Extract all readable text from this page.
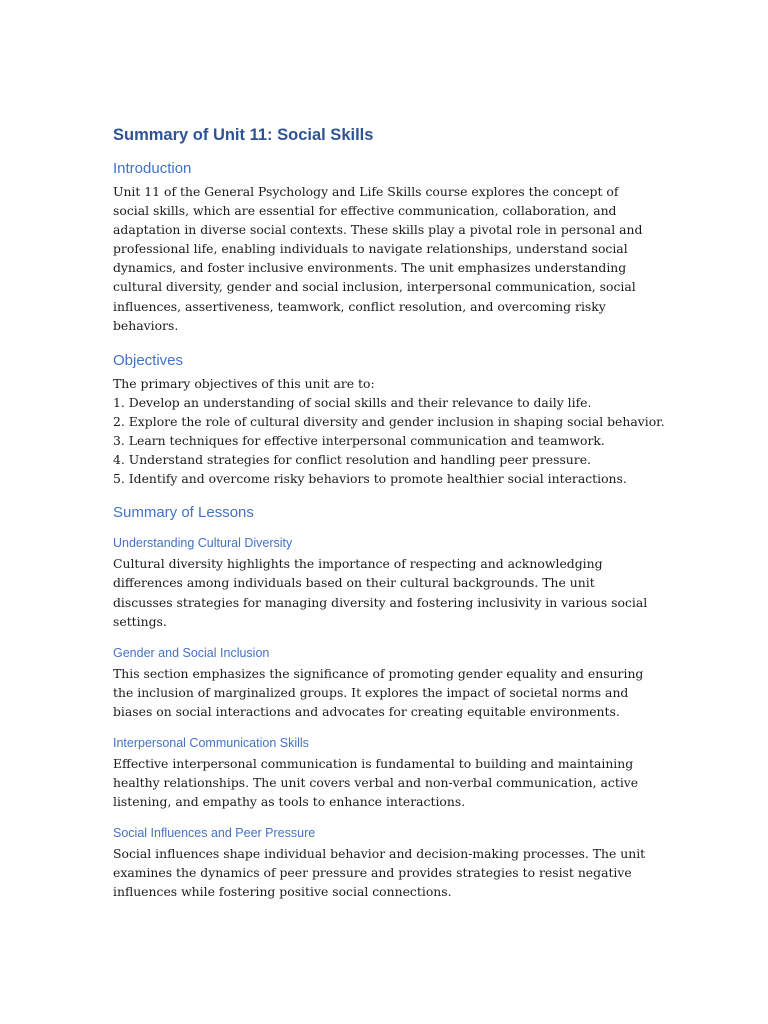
Summary of Unit 11: Social Skills
Introduction

Unit 11 of the General Psychology and Life Skills course explores the concept of social skills, which are essential for effective communication, collaboration, and adaptation in diverse social contexts. These skills play a pivotal role in personal and professional life, enabling individuals to navigate relationships, understand social dynamics, and foster inclusive environments. The unit emphasizes understanding cultural diversity, gender and social inclusion, interpersonal communication, social influences, assertiveness, teamwork, conflict resolution, and overcoming risky behaviors.

Objectives
The primary objectives of this unit are to:
1. Develop an understanding of social skills and their relevance to daily life.
2. Explore the role of cultural diversity and gender inclusion in shaping social behavior.
3. Learn techniques for effective interpersonal communication and teamwork.
4. Understand strategies for conflict resolution and handling peer pressure.
5. Identify and overcome risky behaviors to promote healthier social interactions.
Summary of Lessons
Understanding Cultural Diversity

Cultural diversity highlights the importance of respecting and acknowledging differences among individuals based on their cultural backgrounds. The unit discusses strategies for managing diversity and fostering inclusivity in various social settings.

Gender and Social Inclusion

This section emphasizes the significance of promoting gender equality and ensuring the inclusion of marginalized groups. It explores the impact of societal norms and biases on social interactions and advocates for creating equitable environments.

Interpersonal Communication Skills

Effective interpersonal communication is fundamental to building and maintaining healthy relationships. The unit covers verbal and non-verbal communication, active listening, and empathy as tools to enhance interactions.

Social Influences and Peer Pressure

Social influences shape individual behavior and decision-making processes. The unit examines the dynamics of peer pressure and provides strategies to resist negative influences while fostering positive social connections.
